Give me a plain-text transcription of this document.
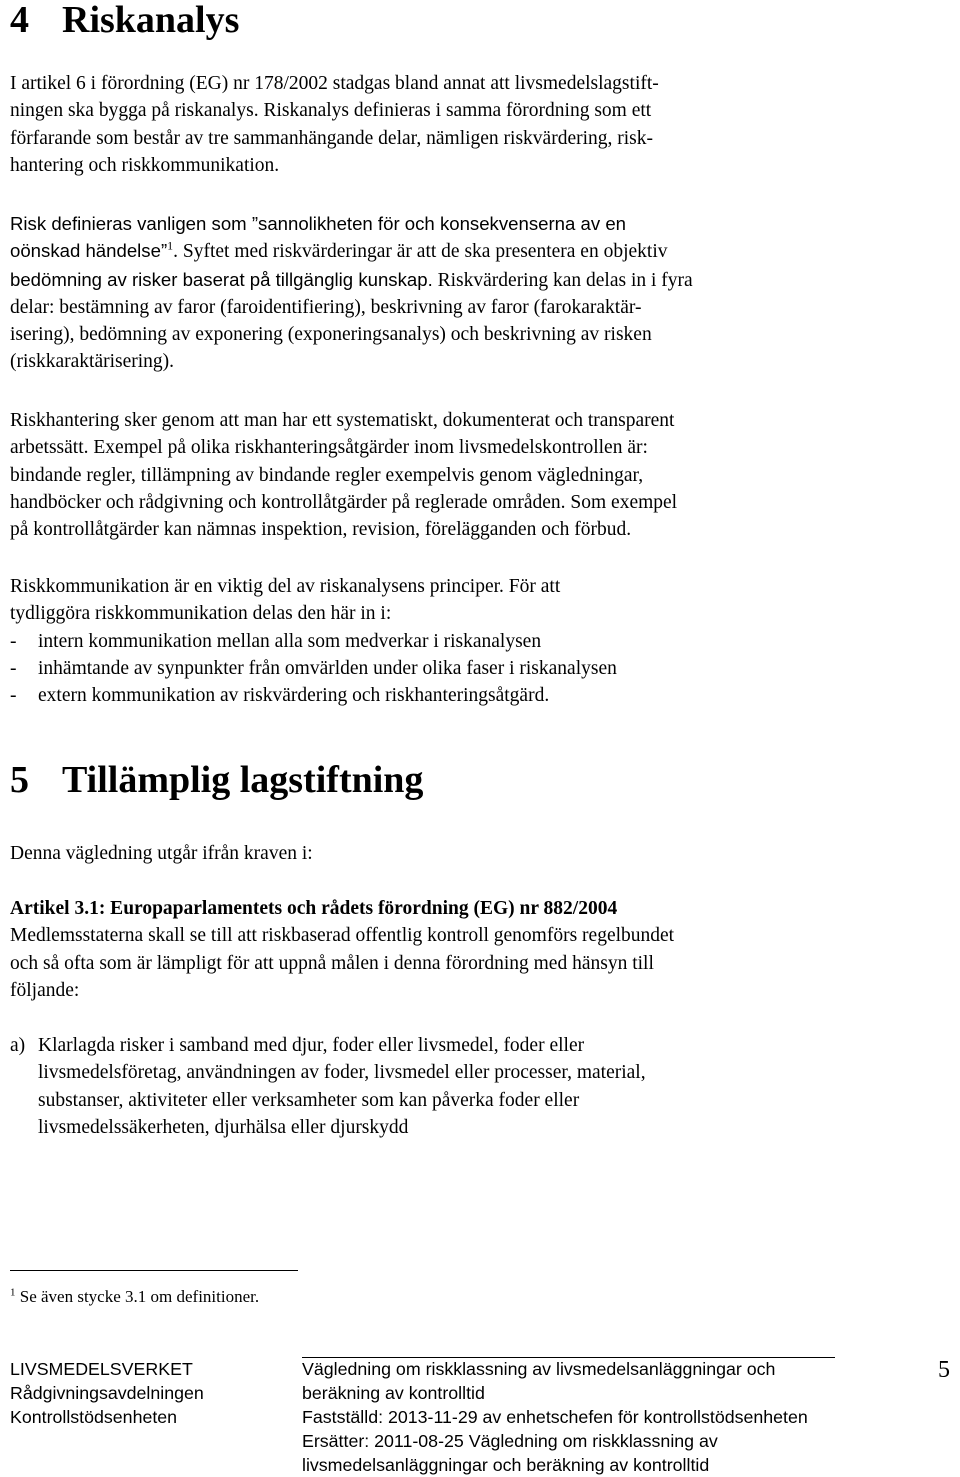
4 Riskanalys

I artikel 6 i förordning (EG) nr 178/2002 stadgas bland annat att livsmedelslagstift-
ningen ska bygga på riskanalys. Riskanalys definieras i samma förordning som ett
förfarande som består av tre sammanhängande delar, nämligen riskvärdering, risk-
hantering och riskkommunikation.

Risk definieras vanligen som ”sannolikheten för och konsekvenserna av en
oönskad händelse”$^1$. Syftet med riskvärderingar är att de ska presentera en objektiv
bedömning av risker baserat på tillgänglig kunskap. Riskvärdering kan delas in i fyra
delar: bestämning av faror (faroidentifiering), beskrivning av faror (farokaraktär-
isering), bedömning av exponering (exponeringsanalys) och beskrivning av risken
(riskkaraktärisering).

Riskhantering sker genom att man har ett systematiskt, dokumenterat och transparent
arbetssätt. Exempel på olika riskhanteringsåtgärder inom livsmedelskontrollen är:
bindande regler, tillämpning av bindande regler exempelvis genom vägledningar,
handböcker och rådgivning och kontrollåtgärder på reglerade områden. Som exempel
på kontrollåtgärder kan nämnas inspektion, revision, förelägganden och förbud.

Riskkommunikation är en viktig del av riskanalysens principer. För att
tydliggöra riskkommunikation delas den här in i:
- intern kommunikation mellan alla som medverkar i riskanalysen
- inhämtande av synpunkter från omvärlden under olika faser i riskanalysen
- extern kommunikation av riskvärdering och riskhanteringsåtgärd.
5 Tillämplig lagstiftning

Denna vägledning utgår ifrån kraven i:

Artikel 3.1: Europaparlamentets och rådets förordning (EG) nr 882/2004
Medlemsstaterna skall se till att riskbaserad offentlig kontroll genomförs regelbundet
och så ofta som är lämpligt för att uppnå målen i denna förordning med hänsyn till
följande:
a) Klarlagda risker i samband med djur, foder eller livsmedel, foder eller
livsmedelsföretag, användningen av foder, livsmedel eller processer, material,
substanser, aktiviteter eller verksamheter som kan påverka foder eller
livsmedelssäkerheten, djurhälsa eller djurskydd
$^1$ Se även stycke 3.1 om definitioner.
LIVSMEDELSVERKET
Rådgivningsavdelningen
Kontrollstödsenheten
Vägledning om riskklassning av livsmedelsanläggningar och
beräkning av kontrolltid
Fastställd: 2013-11-29 av enhetschefen för kontrollstödsenheten
Ersätter: 2011-08-25 Vägledning om riskklassning av
livsmedelsanläggningar och beräkning av kontrolltid
5
